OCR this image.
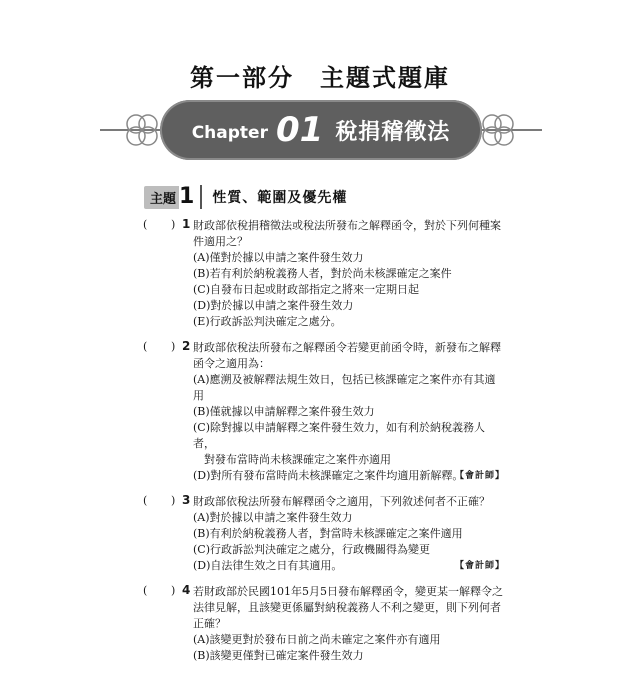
第一部分　主題式題庫
Chapter 01 稅捐稽徵法
主題 1	性質、範圍及優先權
( ) 1 財政部依稅捐稽徵法或稅法所發布之解釋函令，對於下列何種案件適用之？
(A)僅對於據以申請之案件發生效力
(B)若有利於納稅義務人者，對於尚未核課確定之案件
(C)自發布日起或財政部指定之將來一定期日起
(D)對於據以申請之案件發生效力
(E)行政訴訟判決確定之處分。
( ) 2 財政部依稅法所發布之解釋函令若變更前函令時，新發布之解釋函令之適用為：
(A)應溯及被解釋法規生效日，包括已核課確定之案件亦有其適用
(B)僅就據以申請解釋之案件發生效力
(C)除對據以申請解釋之案件發生效力，如有利於納稅義務人者，
對發布當時尚未核課確定之案件亦適用
(D)對所有發布當時尚未核課確定之案件均適用新解釋。
【會計師】
( ) 3 財政部依稅法所發布解釋函令之適用，下列敘述何者不正確？
(A)對於據以申請之案件發生效力
(B)有利於納稅義務人者，對當時未核課確定之案件適用
(C)行政訴訟判決確定之處分，行政機關得為變更
(D)自法律生效之日有其適用。	【會計師】
( ) 4 若財政部於民國101年5月5日發布解釋函令，變更某一解釋令之法律見解，且該變更係屬對納稅義務人不利之變更，則下列何者正確？
(A)該變更對於發布日前之尚未確定之案件亦有適用
(B)該變更僅對已確定案件發生效力
